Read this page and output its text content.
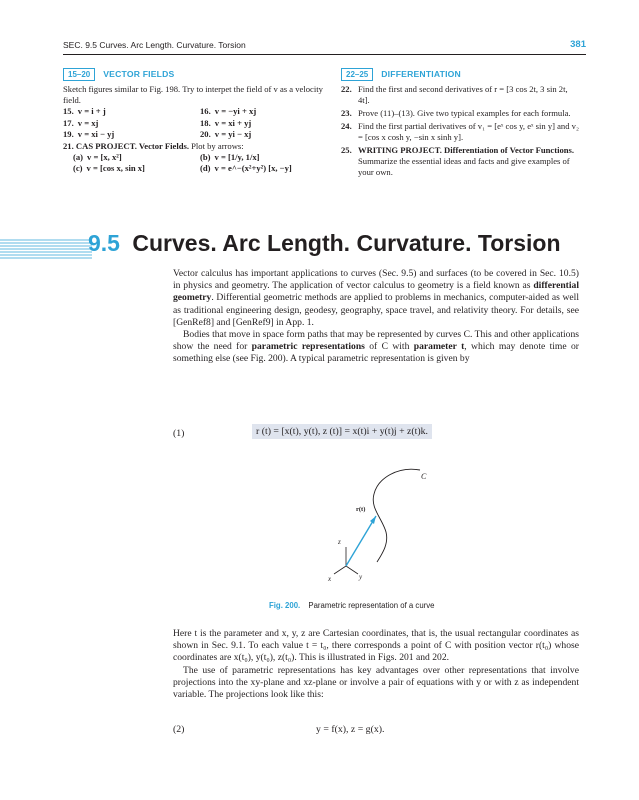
SEC. 9.5 Curves. Arc Length. Curvature. Torsion	381
15–20	VECTOR FIELDS

Sketch figures similar to Fig. 198. Try to interpet the field of v as a velocity field.

15. v = i + j	16. v = −yi + xj
17. v = xj	18. v = xi + yj
19. v = xi − yj	20. v = yi − xj

21. CAS PROJECT. Vector Fields. Plot by arrows:

(a) v = [x, x²]	(b) v = [1/y, 1/x]
(c) v = [cos x, sin x]	(d) v = e^−(x²+y²) [x, −y]
22–25	DIFFERENTIATION
22. Find the first and second derivatives of r = [3 cos 2t, 3 sin 2t, 4t].
23. Prove (11)–(13). Give two typical examples for each formula.
24. Find the first partial derivatives of v₁ = [eˣ cos y, eˣ sin y] and v₂ = [cos x cosh y, −sin x sinh y].
25. WRITING PROJECT. Differentiation of Vector Functions. Summarize the essential ideas and facts and give examples of your own.
9.5 Curves. Arc Length. Curvature. Torsion

Vector calculus has important applications to curves (Sec. 9.5) and surfaces (to be covered in Sec. 10.5) in physics and geometry. The application of vector calculus to geometry is a field known as differential geometry. Differential geometric methods are applied to problems in mechanics, computer-aided as well as traditional engineering design, geodesy, geography, space travel, and relativity theory. For details, see [GenRef8] and [GenRef9] in App. 1.

Bodies that move in space form paths that may be represented by curves C. This and other applications show the need for parametric representations of C with parameter t, which may denote time or something else (see Fig. 200). A typical parametric representation is given by

(1)	r (t) = [x(t), y(t), z (t)] = x(t)i + y(t)j + z(t)k.
C
r(t)
z
x	y
Fig. 200. Parametric representation of a curve

Here t is the parameter and x, y, z are Cartesian coordinates, that is, the usual rectangular coordinates as shown in Sec. 9.1. To each value t = t₀, there corresponds a point of C with position vector r(t₀) whose coordinates are x(t₀), y(t₀), z(t₀). This is illustrated in Figs. 201 and 202.

The use of parametric representations has key advantages over other representations that involve projections into the xy-plane and xz-plane or involve a pair of equations with y or with z as independent variable. The projections look like this:

(2)	y = f(x), z = g(x).
